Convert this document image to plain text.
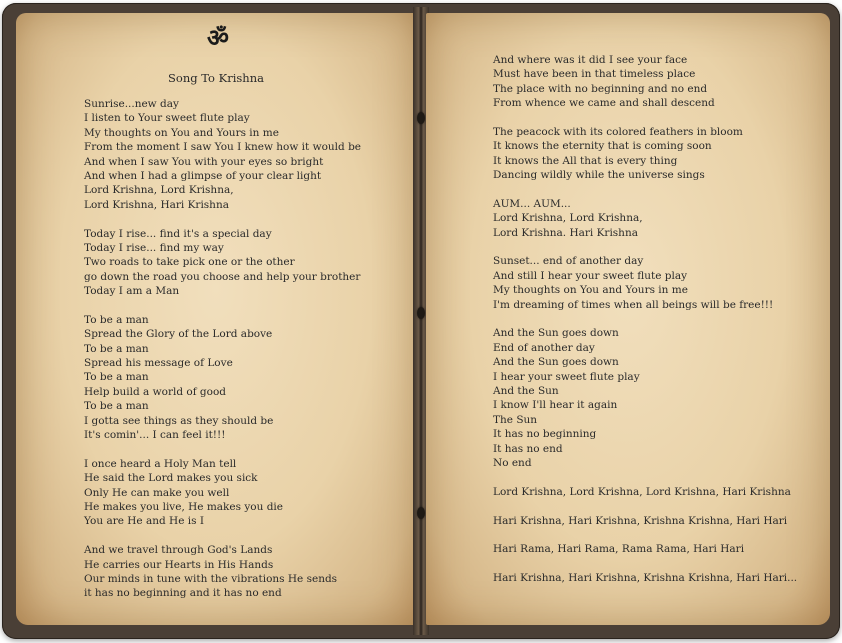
ॐ
Song To Krishna
Sunrise...new day
I listen to Your sweet flute play
My thoughts on You and Yours in me
From the moment I saw You I knew how it would be
And when I saw You with your eyes so bright
And when I had a glimpse of your clear light
Lord Krishna, Lord Krishna,
Lord Krishna, Hari Krishna
Today I rise... find it's a special day
Today I rise... find my way
Two roads to take pick one or the other
go down the road you choose and help your brother
Today I am a Man
To be a man
Spread the Glory of the Lord above
To be a man
Spread his message of Love
To be a man
Help build a world of good
To be a man
I gotta see things as they should be
It's comin'... I can feel it!!!
I once heard a Holy Man tell
He said the Lord makes you sick
Only He can make you well
He makes you live, He makes you die
You are He and He is I
And we travel through God's Lands
He carries our Hearts in His Hands
Our minds in tune with the vibrations He sends
it has no beginning and it has no end
And where was it did I see your face
Must have been in that timeless place
The place with no beginning and no end
From whence we came and shall descend
The peacock with its colored feathers in bloom
It knows the eternity that is coming soon
It knows the All that is every thing
Dancing wildly while the universe sings
AUM... AUM...
Lord Krishna, Lord Krishna,
Lord Krishna. Hari Krishna
Sunset... end of another day
And still I hear your sweet flute play
My thoughts on You and Yours in me
I'm dreaming of times when all beings will be free!!!
And the Sun goes down
End of another day
And the Sun goes down
I hear your sweet flute play
And the Sun
I know I'll hear it again
The Sun
It has no beginning
It has no end
No end
Lord Krishna, Lord Krishna, Lord Krishna, Hari Krishna
Hari Krishna, Hari Krishna, Krishna Krishna, Hari Hari
Hari Rama, Hari Rama, Rama Rama, Hari Hari
Hari Krishna, Hari Krishna, Krishna Krishna, Hari Hari...
